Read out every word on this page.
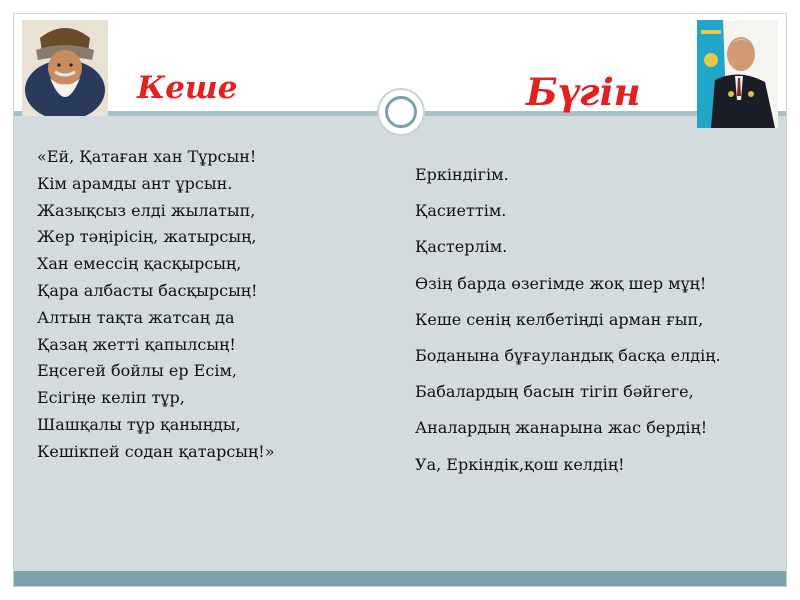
Кеше	Бүгін
«Ей, Қатаған хан Тұрсын!
Кім арамды ант ұрсын.
Жазықсыз елді жылатып,
Жер тәңірісің, жатырсың,
Хан емессің қасқырсың,
Қара албасты басқырсың!
Алтын тақта жатсаң да
Қазаң жетті қапылсың!
Еңсегей бойлы ер Есім,
Есігіңе келіп тұр,
Шашқалы тұр қаныңды,
Кешікпей содан қатарсың!»
Еркіндігім.
Қасиеттім.
Қастерлім.
Өзің барда өзегімде жоқ шер мұң!
Кеше сенің келбетіңді арман ғып,
Боданына бұғауландық басқа елдің.
Бабалардың басын тігіп бәйгеге,
Аналардың жанарына жас бердің!
Уа, Еркіндік,қош келдің!
